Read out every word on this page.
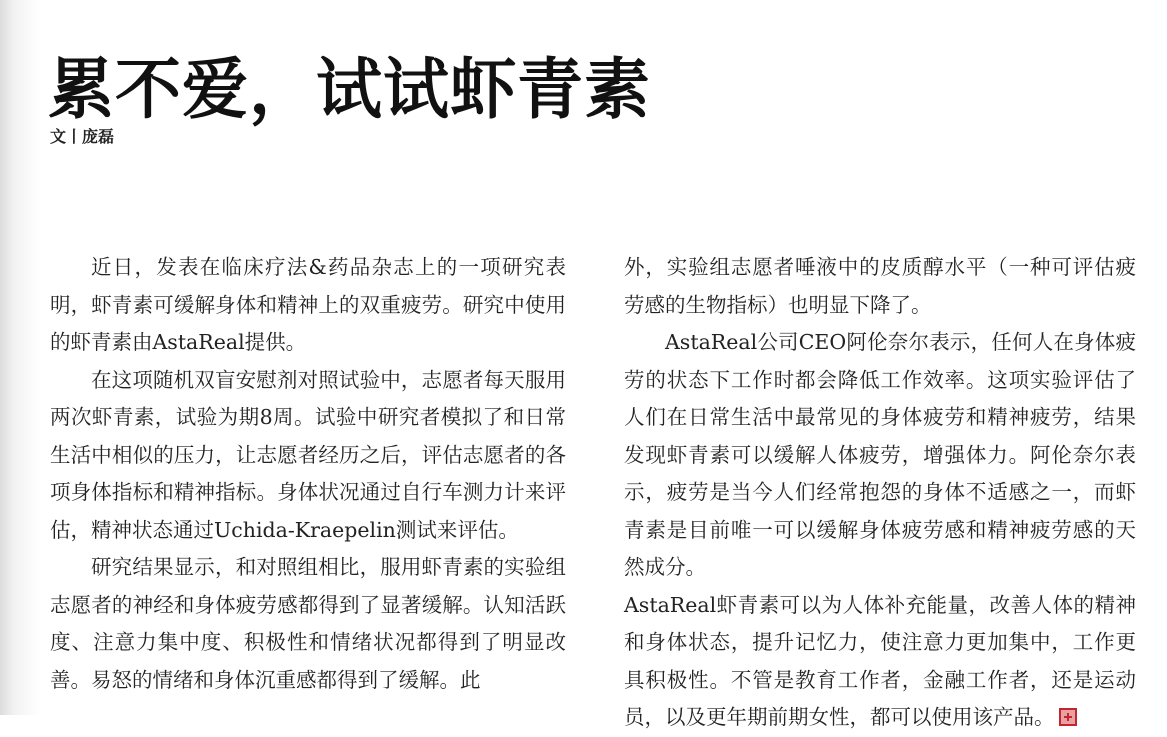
累不爱，试试虾青素
文丨庞磊

近日，发表在临床疗法&药品杂志上的一项研究表明，虾青素可缓解身体和精神上的双重疲劳。研究中使用的虾青素由AstaReal提供。

在这项随机双盲安慰剂对照试验中，志愿者每天服用两次虾青素，试验为期8周。试验中研究者模拟了和日常生活中相似的压力，让志愿者经历之后，评估志愿者的各项身体指标和精神指标。身体状况通过自行车测力计来评估，精神状态通过Uchida-Kraepelin测试来评估。

研究结果显示，和对照组相比，服用虾青素的实验组志愿者的神经和身体疲劳感都得到了显著缓解。认知活跃度、注意力集中度、积极性和情绪状况都得到了明显改善。易怒的情绪和身体沉重感都得到了缓解。此

外，实验组志愿者唾液中的皮质醇水平（一种可评估疲劳感的生物指标）也明显下降了。

AstaReal公司CEO阿伦奈尔表示，任何人在身体疲劳的状态下工作时都会降低工作效率。这项实验评估了人们在日常生活中最常见的身体疲劳和精神疲劳，结果发现虾青素可以缓解人体疲劳，增强体力。阿伦奈尔表示，疲劳是当今人们经常抱怨的身体不适感之一，而虾青素是目前唯一可以缓解身体疲劳感和精神疲劳感的天然成分。

AstaReal虾青素可以为人体补充能量，改善人体的精神和身体状态，提升记忆力，使注意力更加集中，工作更具积极性。不管是教育工作者，金融工作者，还是运动员，以及更年期前期女性，都可以使用该产品。
